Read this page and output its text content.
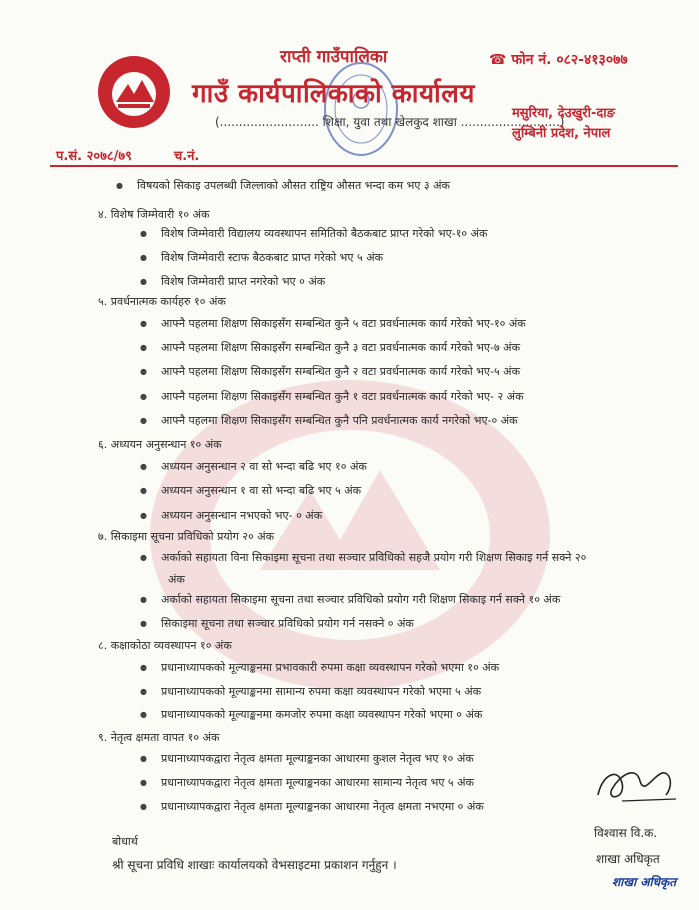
राप्ती गाउँपालिका
गाउँ कार्यपालिकाको कार्यालय
☎ फोन नं. ०८२-४१३०७७
(.......................... शिक्षा, युवा तथा खेलकुद शाखा ..........................)
मसुरिया, देउखुरी-दाङ
लुम्बिनी प्रदेश, नेपाल
प.सं. २०७८/७९	च.नं.
● विषयको सिकाइ उपलब्धी जिल्लाको औसत राष्ट्रिय औसत भन्दा कम भए ३ अंक
४. विशेष जिम्मेवारी १० अंक
● विशेष जिम्मेवारी विद्यालय व्यवस्थापन समितिको बैठकबाट प्राप्त गरेको भए-१० अंक
● विशेष जिम्मेवारी स्टाफ बैठकबाट प्राप्त गरेको भए ५ अंक
● विशेष जिम्मेवारी प्राप्त नगरेको भए ० अंक
५. प्रवर्धनात्मक कार्यहरु १० अंक
● आफ्नै पहलमा शिक्षण सिकाइसँग सम्बन्धित कुनै ५ वटा प्रवर्धनात्मक कार्य गरेको भए-१० अंक
● आफ्नै पहलमा शिक्षण सिकाइसँग सम्बन्धित कुनै ३ वटा प्रवर्धनात्मक कार्य गरेको भए-७ अंक
● आफ्नै पहलमा शिक्षण सिकाइसँग सम्बन्धित कुनै २ वटा प्रवर्धनात्मक कार्य गरेको भए-५ अंक
● आफ्नै पहलमा शिक्षण सिकाइसँग सम्बन्धित कुनै १ वटा प्रवर्धनात्मक कार्य गरेको भए- २ अंक
● आफ्नै पहलमा शिक्षण सिकाइसँग सम्बन्धित कुनै पनि प्रवर्धनात्मक कार्य नगरेको भए-० अंक
६. अध्ययन अनुसन्धान १० अंक
● अध्ययन अनुसन्धान २ वा सो भन्दा बढि भए १० अंक
● अध्ययन अनुसन्धान १ वा सो भन्दा बढि भए ५ अंक
● अध्ययन अनुसन्धान नभएको भए- ० अंक
७. सिकाइमा सूचना प्रविधिको प्रयोग २० अंक
● अर्काको सहायता विना सिकाइमा सूचना तथा सञ्चार प्रविधिको सहजै प्रयोग गरी शिक्षण सिकाइ गर्न सक्ने २०
अंक
● अर्काको सहायता सिकाइमा सूचना तथा सञ्चार प्रविधिको प्रयोग गरी शिक्षण सिकाइ गर्न सक्ने १० अंक
● सिकाइमा सूचना तथा सञ्चार प्रविधिको प्रयोग गर्न नसक्ने ० अंक
८. कक्षाकोठा व्यवस्थापन १० अंक
● प्रधानाध्यापकको मूल्याङ्कनमा प्रभावकारी रुपमा कक्षा व्यवस्थापन गरेको भएमा १० अंक
● प्रधानाध्यापकको मूल्याङ्कनमा सामान्य रुपमा कक्षा व्यवस्थापन गरेको भएमा ५ अंक
● प्रधानाध्यापकको मूल्याङ्कनमा कमजोर रुपमा कक्षा व्यवस्थापन गरेको भएमा ० अंक
९. नेतृत्व क्षमता वापत १० अंक
● प्रधानाध्यापकद्वारा नेतृत्व क्षमता मूल्याङ्कनका आधारमा कुशल नेतृत्व भए १० अंक
● प्रधानाध्यापकद्वारा नेतृत्व क्षमता मूल्याङ्कनका आधारमा सामान्य नेतृत्व भए ५ अंक
● प्रधानाध्यापकद्वारा नेतृत्व क्षमता मूल्याङ्कनका आधारमा नेतृत्व क्षमता नभएमा ० अंक
बोधार्थ
श्री सूचना प्रविधि शाखाः कार्यालयको वेभसाइटमा प्रकाशन गर्नुहुन ।
विश्वास वि.क.
शाखा अधिकृत
शाखा अधिकृत
